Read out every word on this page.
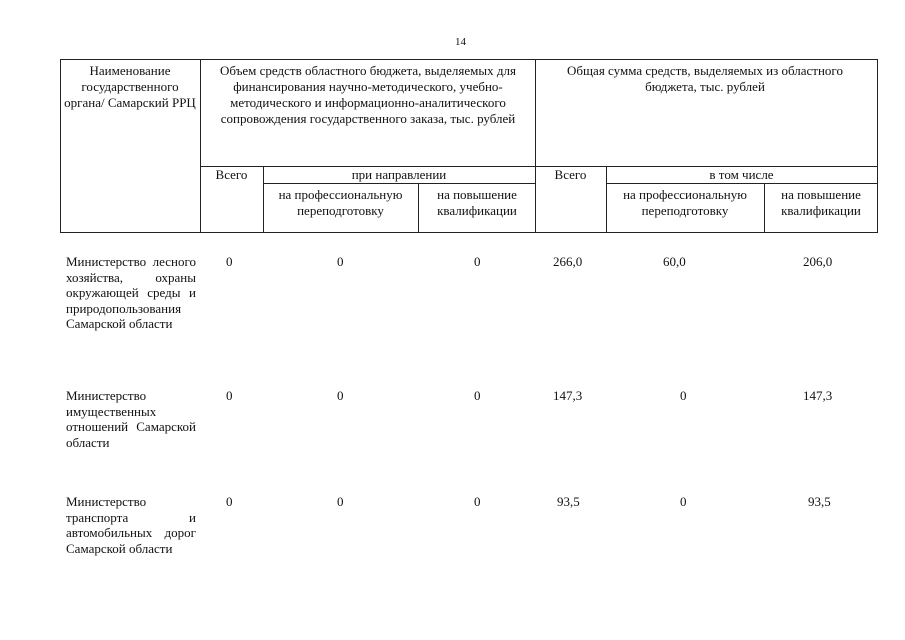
14
Наименование государственного органа/ Самарский РРЦ
Объем средств областного бюджета, выделяемых для финансирования научно-методического, учебно-методического и информационно-аналитического сопровождения государственного заказа, тыс. рублей
Общая сумма средств, выделяемых из областного бюджета, тыс. рублей
Всего	при направлении
на профессиональную переподготовку
на повышение квалификации
Всего	в том числе
на профессиональную переподготовку
на повышение квалификации
Министерство лесного хозяйства, охраны окружающей среды и природопользования Самарской области
0	0	0	266,0	60,0	206,0
Министерство имущественных отношений Самарской области
0	0	0	147,3	0	147,3
Министерство транспорта и автомобильных дорог Самарской области
0	0	0	93,5	0	93,5
